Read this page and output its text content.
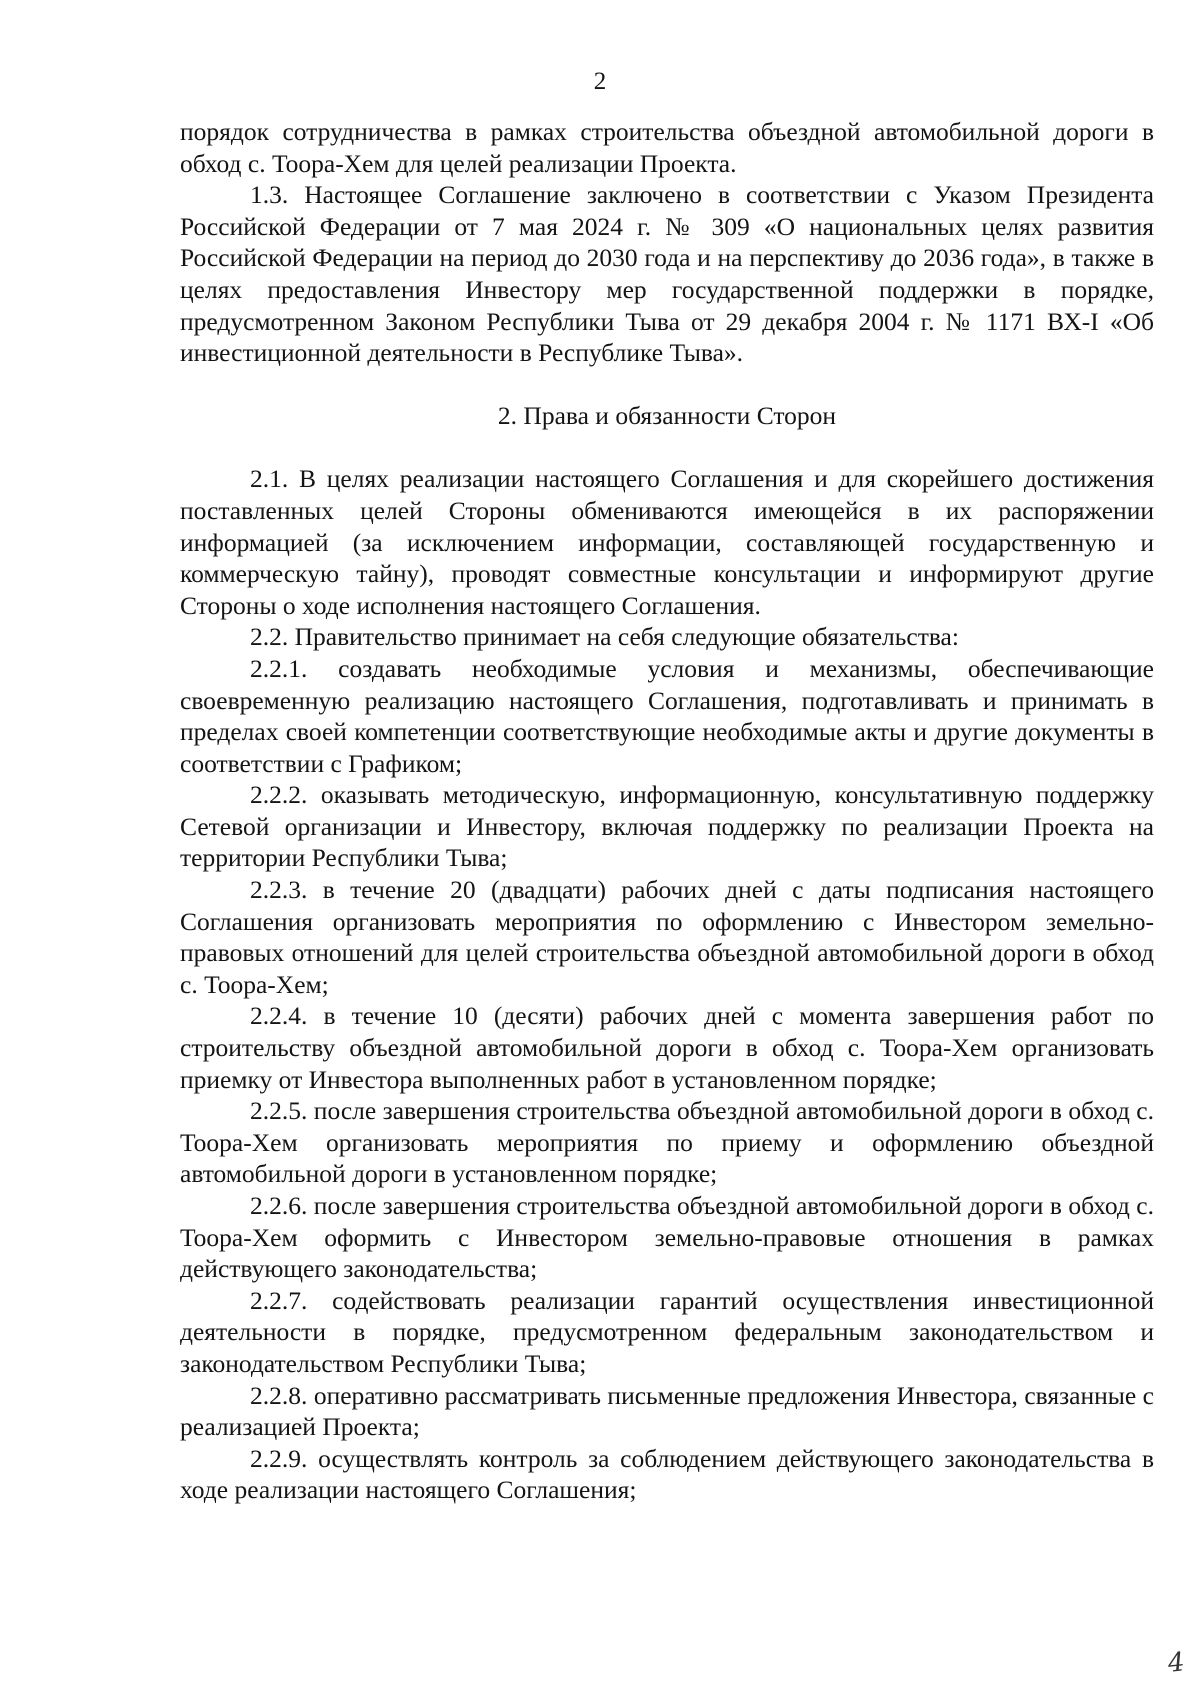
2

порядок сотрудничества в рамках строительства объездной автомобильной дороги в обход с. Тоора-Хем для целей реализации Проекта.

1.3. Настоящее Соглашение заключено в соответствии с Указом Президента Российской Федерации от 7 мая 2024 г. № 309 «О национальных целях развития Российской Федерации на период до 2030 года и на перспективу до 2036 года», в также в целях предоставления Инвестору мер государственной поддержки в порядке, предусмотренном Законом Республики Тыва от 29 декабря 2004 г. № 1171 ВХ-I «Об инвестиционной деятельности в Республике Тыва».

2. Права и обязанности Сторон

2.1. В целях реализации настоящего Соглашения и для скорейшего достижения поставленных целей Стороны обмениваются имеющейся в их распоряжении информацией (за исключением информации, составляющей государственную и коммерческую тайну), проводят совместные консультации и информируют другие Стороны о ходе исполнения настоящего Соглашения.

2.2. Правительство принимает на себя следующие обязательства:

2.2.1. создавать необходимые условия и механизмы, обеспечивающие своевременную реализацию настоящего Соглашения, подготавливать и принимать в пределах своей компетенции соответствующие необходимые акты и другие документы в соответствии с Графиком;

2.2.2. оказывать методическую, информационную, консультативную поддержку Сетевой организации и Инвестору, включая поддержку по реализации Проекта на территории Республики Тыва;

2.2.3. в течение 20 (двадцати) рабочих дней с даты подписания настоящего Соглашения организовать мероприятия по оформлению с Инвестором земельно-правовых отношений для целей строительства объездной автомобильной дороги в обход с. Тоора-Хем;

2.2.4. в течение 10 (десяти) рабочих дней с момента завершения работ по строительству объездной автомобильной дороги в обход с. Тоора-Хем организовать приемку от Инвестора выполненных работ в установленном порядке;

2.2.5. после завершения строительства объездной автомобильной дороги в обход с. Тоора-Хем организовать мероприятия по приему и оформлению объездной автомобильной дороги в установленном порядке;

2.2.6. после завершения строительства объездной автомобильной дороги в обход с. Тоора-Хем оформить с Инвестором земельно-правовые отношения в рамках действующего законодательства;

2.2.7. содействовать реализации гарантий осуществления инвестиционной деятельности в порядке, предусмотренном федеральным законодательством и законодательством Республики Тыва;

2.2.8. оперативно рассматривать письменные предложения Инвестора, связанные с реализацией Проекта;

2.2.9. осуществлять контроль за соблюдением действующего законодательства в ходе реализации настоящего Соглашения;

4
